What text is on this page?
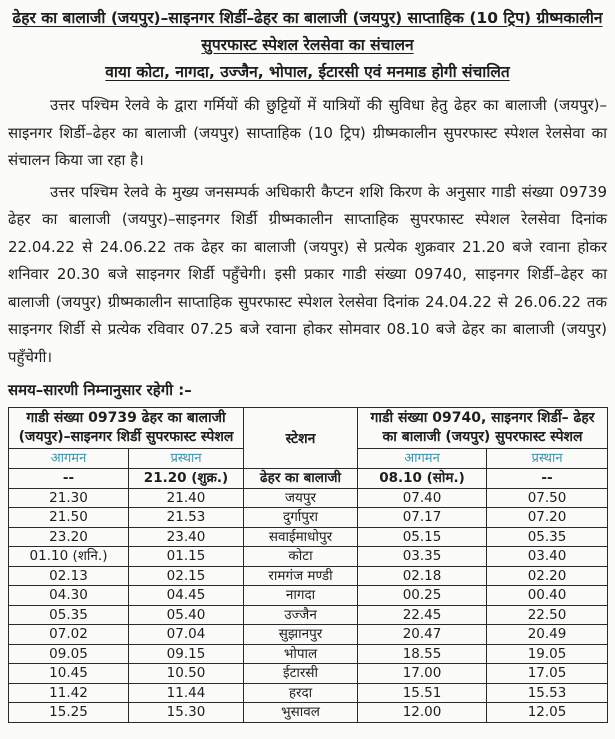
ढेहर का बालाजी (जयपुर)–साइनगर शिर्डी–ढेहर का बालाजी (जयपुर) साप्ताहिक (10 ट्रिप) ग्रीष्मकालीन
सुपरफास्ट स्पेशल रेलसेवा का संचालन
वाया कोटा, नागदा, उज्जैन, भोपाल, ईटारसी एवं मनमाड होगी संचालित

उत्तर पश्चिम रेलवे के द्वारा गर्मियों की छुट्टियों में यात्रियों की सुविधा हेतु ढेहर का बालाजी (जयपुर)–साइनगर शिर्डी–ढेहर का बालाजी (जयपुर) साप्ताहिक (10 ट्रिप) ग्रीष्मकालीन सुपरफास्ट स्पेशल रेलसेवा का संचालन किया जा रहा है।

उत्तर पश्चिम रेलवे के मुख्य जनसम्पर्क अधिकारी कैप्टन शशि किरण के अनुसार गाडी संख्या 09739 ढेहर का बालाजी (जयपुर)–साइनगर शिर्डी ग्रीष्मकालीन साप्ताहिक सुपरफास्ट स्पेशल रेलसेवा दिनांक 22.04.22 से 24.06.22 तक ढेहर का बालाजी (जयपुर) से प्रत्येक शुक्रवार 21.20 बजे रवाना होकर शनिवार 20.30 बजे साइनगर शिर्डी पहुँचेगी। इसी प्रकार गाडी संख्या 09740, साइनगर शिर्डी–ढेहर का बालाजी (जयपुर) ग्रीष्मकालीन साप्ताहिक सुपरफास्ट स्पेशल रेलसेवा दिनांक 24.04.22 से 26.06.22 तक साइनगर शिर्डी से प्रत्येक रविवार 07.25 बजे रवाना होकर सोमवार 08.10 बजे ढेहर का बालाजी (जयपुर) पहुँचेगी।

समय–सारणी निम्नानुसार रहेगी :–
गाडी संख्या 09739 ढेहर का बालाजी (जयपुर)–साइनगर शिर्डी सुपरफास्ट स्पेशल		स्टेशन	गाडी संख्या 09740, साइनगर शिर्डी– ढेहर का बालाजी (जयपुर) सुपरफास्ट स्पेशल	
आगमन	प्रस्थान		आगमन	प्रस्थान
--	21.20 (शुक्र.)	ढेहर का बालाजी	08.10 (सोम.)	--
21.30	21.40	जयपुर	07.40	07.50
21.50	21.53	दुर्गापुरा	07.17	07.20
23.20	23.40	सवाईमाधोपुर	05.15	05.35
01.10 (शनि.)	01.15	कोटा	03.35	03.40
02.13	02.15	रामगंज मण्डी	02.18	02.20
04.30	04.45	नागदा	00.25	00.40
05.35	05.40	उज्जैन	22.45	22.50
07.02	07.04	सुझानपुर	20.47	20.49
09.05	09.15	भोपाल	18.55	19.05
10.45	10.50	ईटारसी	17.00	17.05
11.42	11.44	हरदा	15.51	15.53
15.25	15.30	भुसावल	12.00	12.05
